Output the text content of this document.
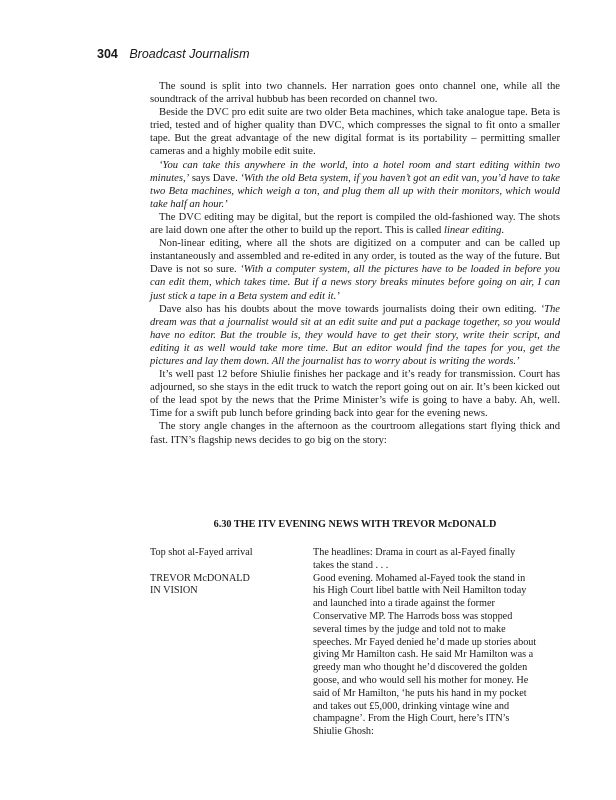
304 Broadcast Journalism

The sound is split into two channels. Her narration goes onto channel one, while all the soundtrack of the arrival hubbub has been recorded on channel two.

Beside the DVC pro edit suite are two older Beta machines, which take analogue tape. Beta is tried, tested and of higher quality than DVC, which compresses the signal to fit onto a smaller tape. But the great advantage of the new digital format is its portability – permitting smaller cameras and a highly mobile edit suite.

‘You can take this anywhere in the world, into a hotel room and start editing within two minutes,’ says Dave. ‘With the old Beta system, if you haven’t got an edit van, you’d have to take two Beta machines, which weigh a ton, and plug them all up with their monitors, which would take half an hour.’

The DVC editing may be digital, but the report is compiled the old-fashioned way. The shots are laid down one after the other to build up the report. This is called linear editing.

Non-linear editing, where all the shots are digitized on a computer and can be called up instantaneously and assembled and re-edited in any order, is touted as the way of the future. But Dave is not so sure. ‘With a computer system, all the pictures have to be loaded in before you can edit them, which takes time. But if a news story breaks minutes before going on air, I can just stick a tape in a Beta system and edit it.’

Dave also has his doubts about the move towards journalists doing their own editing. ‘The dream was that a journalist would sit at an edit suite and put a package together, so you would have no editor. But the trouble is, they would have to get their story, write their script, and editing it as well would take more time. But an editor would find the tapes for you, get the pictures and lay them down. All the journalist has to worry about is writing the words.’

It’s well past 12 before Shiulie finishes her package and it’s ready for transmission. Court has adjourned, so she stays in the edit truck to watch the report going out on air. It’s been kicked out of the lead spot by the news that the Prime Minister’s wife is going to have a baby. Ah, well. Time for a swift pub lunch before grinding back into gear for the evening news.

The story angle changes in the afternoon as the courtroom allegations start flying thick and fast. ITN’s flagship news decides to go big on the story:

6.30 THE ITV EVENING NEWS WITH TREVOR McDONALD
Top shot al-Fayed arrival	The headlines: Drama in court as al-Fayed finally
takes the stand . . .
TREVOR McDONALD
IN VISION
Good evening. Mohamed al-Fayed took the stand in
his High Court libel battle with Neil Hamilton today
and launched into a tirade against the former
Conservative MP. The Harrods boss was stopped
several times by the judge and told not to make
speeches. Mr Fayed denied he’d made up stories about
giving Mr Hamilton cash. He said Mr Hamilton was a
greedy man who thought he’d discovered the golden
goose, and who would sell his mother for money. He
said of Mr Hamilton, ‘he puts his hand in my pocket
and takes out £5,000, drinking vintage wine and
champagne’. From the High Court, here’s ITN’s
Shiulie Ghosh:
